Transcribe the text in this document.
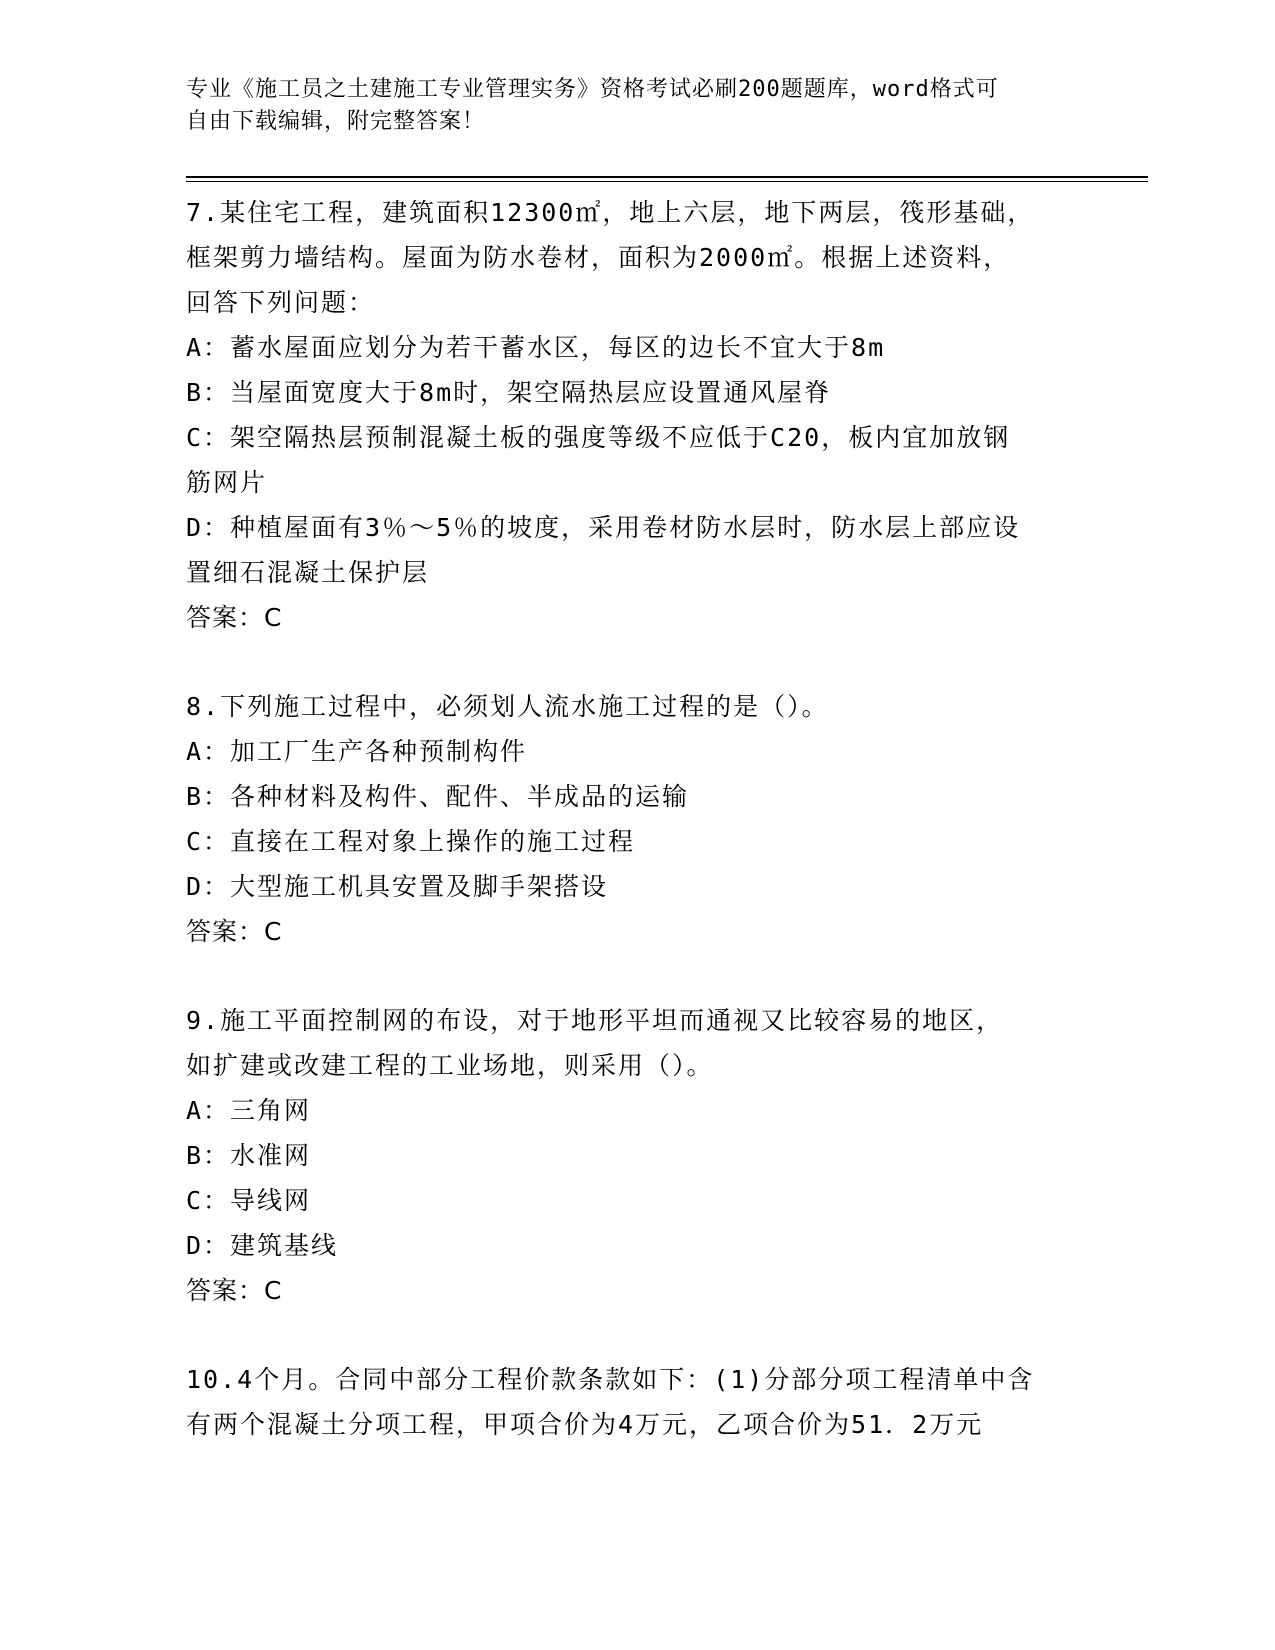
专业《施工员之土建施工专业管理实务》资格考试必刷200题题库，word格式可
自由下载编辑，附完整答案！
7.某住宅工程，建筑面积12300㎡，地上六层，地下两层，筏形基础，
框架剪力墙结构。屋面为防水卷材，面积为2000㎡。根据上述资料，
回答下列问题：
A：蓄水屋面应划分为若干蓄水区，每区的边长不宜大于8m
B：当屋面宽度大于8m时，架空隔热层应设置通风屋脊
C：架空隔热层预制混凝土板的强度等级不应低于C20，板内宜加放钢
筋网片
D：种植屋面有3％～5％的坡度，采用卷材防水层时，防水层上部应设
置细石混凝土保护层
答案：C
8.下列施工过程中，必须划人流水施工过程的是（）。
A：加工厂生产各种预制构件
B：各种材料及构件、配件、半成品的运输
C：直接在工程对象上操作的施工过程
D：大型施工机具安置及脚手架搭设
答案：C
9.施工平面控制网的布设，对于地形平坦而通视又比较容易的地区，
如扩建或改建工程的工业场地，则采用（）。
A：三角网
B：水准网
C：导线网
D：建筑基线
答案：C
10.4个月。合同中部分工程价款条款如下：(1)分部分项工程清单中含
有两个混凝土分项工程，甲项合价为4万元，乙项合价为51．2万元
